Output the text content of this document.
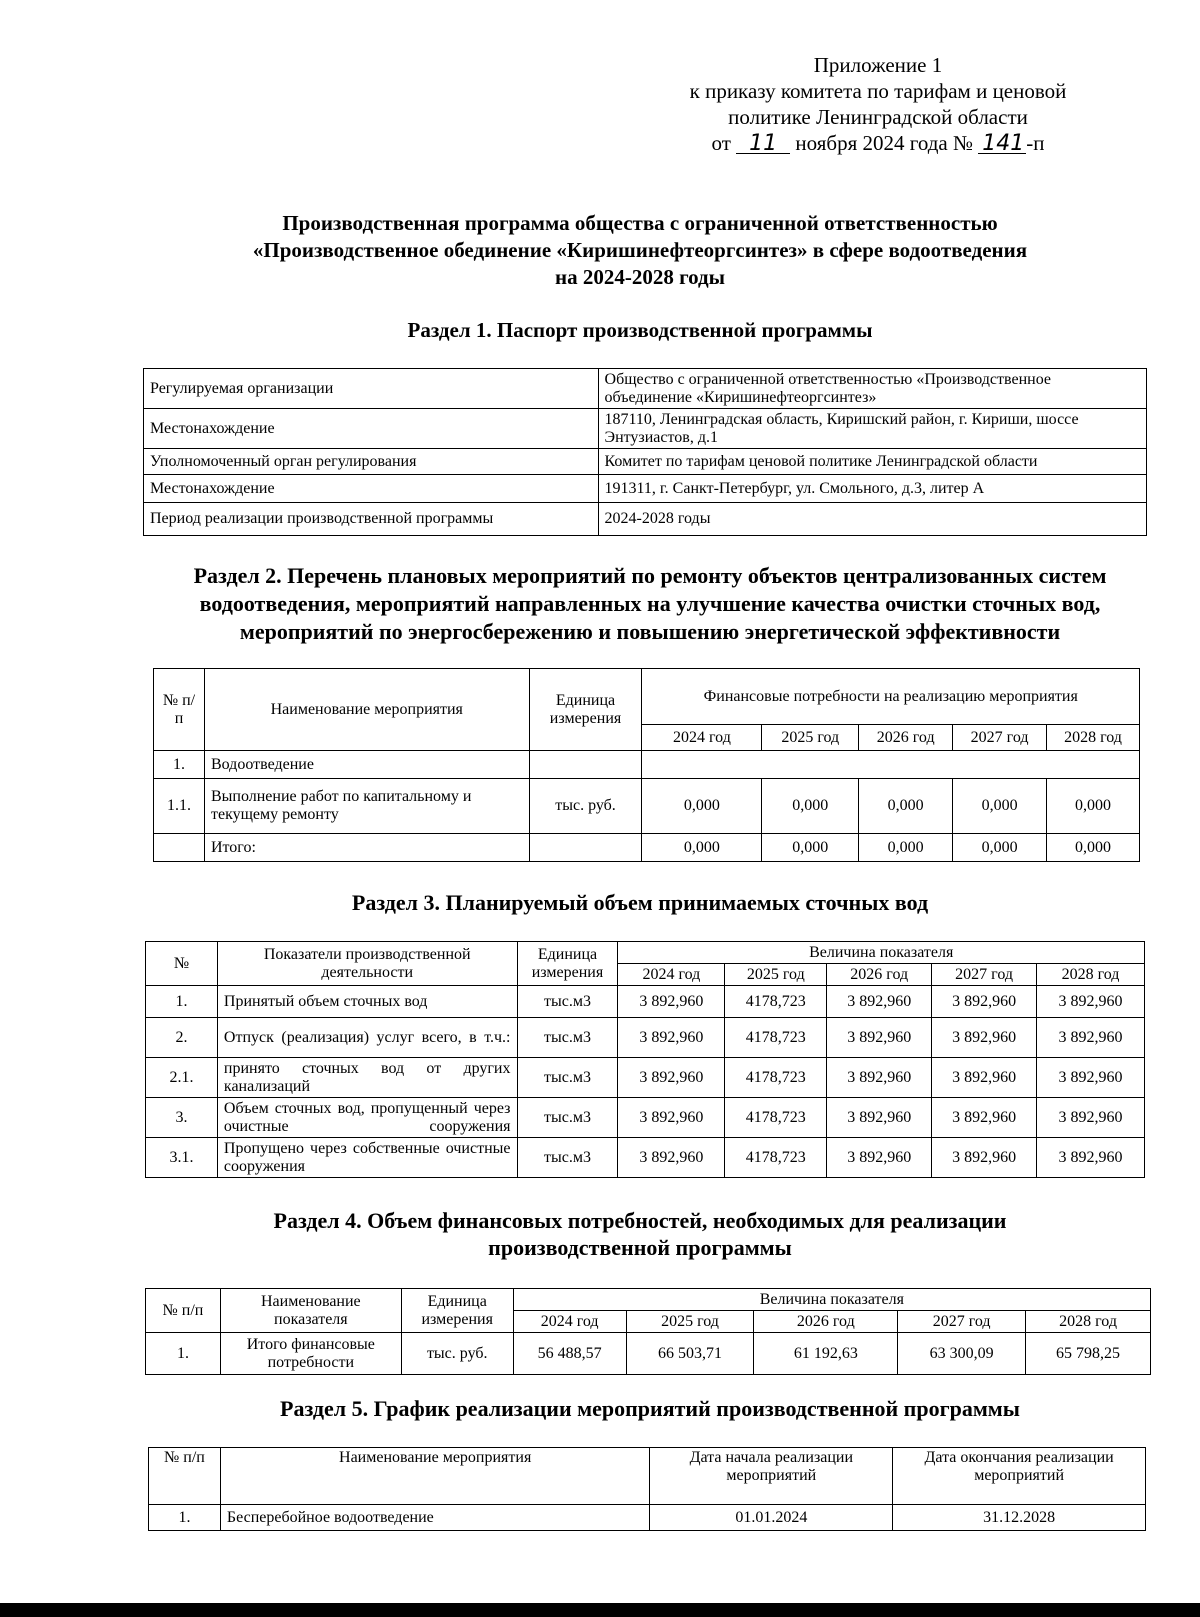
Приложение 1
к приказу комитета по тарифам и ценовой
политике Ленинградской области
от 11 ноября 2024 года № 141-п
Производственная программа общества с ограниченной ответственностью
«Производственное обединение «Киришинефтеоргсинтез» в сфере водоотведения
на 2024-2028 годы
Раздел 1. Паспорт производственной программы
Регулируемая организации	Общество с ограниченной ответственностью «Производственное объединение «Киришинефтеоргсинтез»
Местонахождение	187110, Ленинградская область, Киришский район, г. Кириши, шоссе Энтузиастов, д.1
Уполномоченный орган регулирования	Комитет по тарифам ценовой политике Ленинградской области
Местонахождение	191311, г. Санкт-Петербург, ул. Смольного, д.3, литер А
Период реализации производственной программы	2024-2028 годы
Раздел 2. Перечень плановых мероприятий по ремонту объектов централизованных систем
водоотведения, мероприятий направленных на улучшение качества очистки сточных вод,
мероприятий по энергосбережению и повышению энергетической эффективности
№ п/п	Наименование мероприятия	Единица измерения	Финансовые потребности на реализацию мероприятия				
			2024 год	2025 год	2026 год	2027 год	2028 год
1.	Водоотведение						
1.1.	Выполнение работ по капитальному и текущему ремонту	тыс. руб.	0,000	0,000	0,000	0,000	0,000
	Итого:		0,000	0,000	0,000	0,000	0,000
Раздел 3. Планируемый объем принимаемых сточных вод
№	Показатели производственной деятельности	Единица измерения	Величина показателя				
			2024 год	2025 год	2026 год	2027 год	2028 год
1.	Принятый объем сточных вод	тыс.м3	3 892,960	4178,723	3 892,960	3 892,960	3 892,960
2.	Отпуск (реализация) услуг всего, в т.ч.:	тыс.м3	3 892,960	4178,723	3 892,960	3 892,960	3 892,960
2.1.	принято сточных вод от других канализаций	тыс.м3	3 892,960	4178,723	3 892,960	3 892,960	3 892,960
3.	Объем сточных вод, пропущенный через очистные сооружения	тыс.м3	3 892,960	4178,723	3 892,960	3 892,960	3 892,960
3.1.	Пропущено через собственные очистные сооружения	тыс.м3	3 892,960	4178,723	3 892,960	3 892,960	3 892,960
Раздел 4. Объем финансовых потребностей, необходимых для реализации
производственной программы
№ п/п	Наименование показателя	Единица измерения	Величина показателя				
			2024 год	2025 год	2026 год	2027 год	2028 год
1.	Итого финансовые потребности	тыс. руб.	56 488,57	66 503,71	61 192,63	63 300,09	65 798,25
Раздел 5. График реализации мероприятий производственной программы
№ п/п	Наименование мероприятия	Дата начала реализации мероприятий	Дата окончания реализации мероприятий
1.	Бесперебойное водоотведение	01.01.2024	31.12.2028
